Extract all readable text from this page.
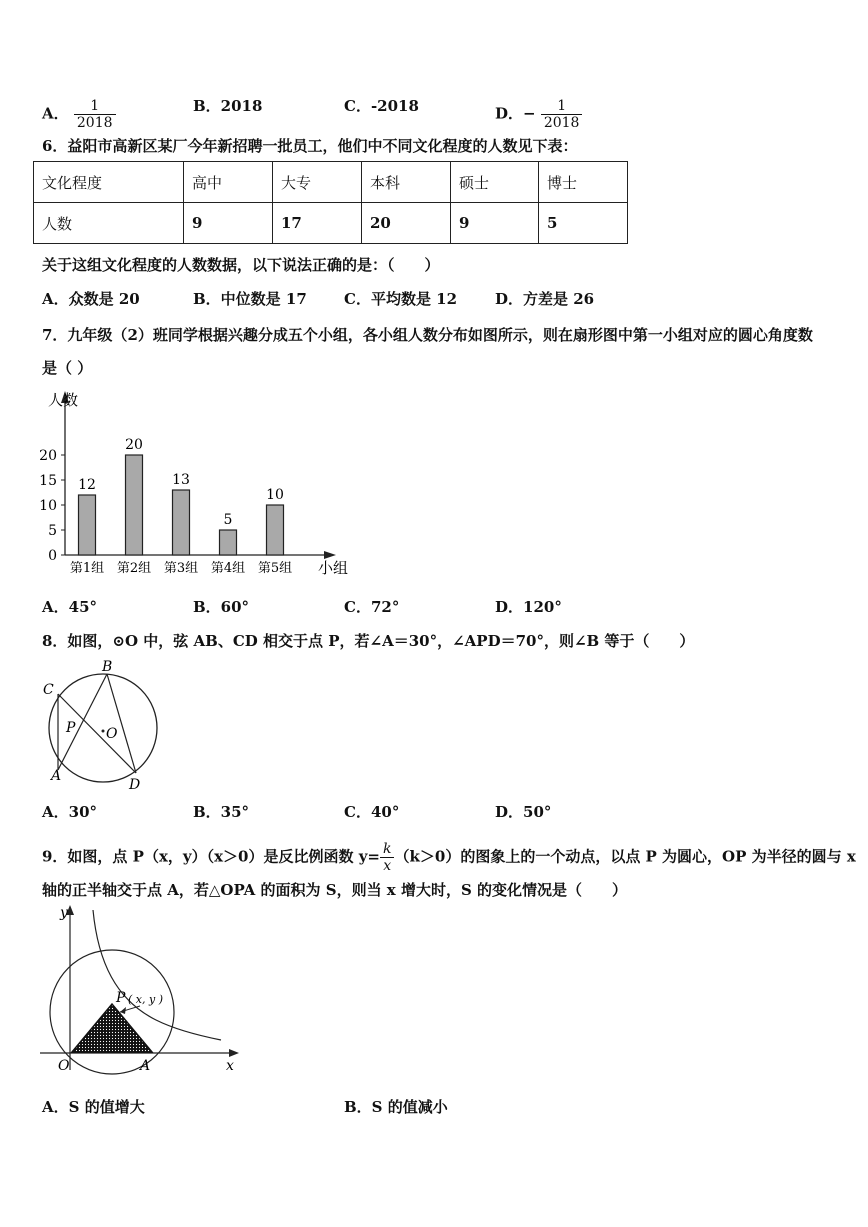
A． $\frac{1}{2018}$	B．2018	C．-2018	D．− $\frac{1}{2018}$
6．益阳市高新区某厂今年新招聘一批员工，他们中不同文化程度的人数见下表：
文化程度	高中	大专	本科	硕士	博士
人数	9	17	20	9	5
关于这组文化程度的人数数据，以下说法正确的是：（　　）
A．众数是 20	B．中位数是 17 C．平均数是 12	D．方差是 26
7．九年级（2）班同学根据兴趣分成五个小组，各小组人数分布如图所示，则在扇形图中第一小组对应的圆心角度数
是（ ）
人数
小组
0
5
10
15
20
12
第1组
20
第2组
13
第3组
5
第4组
10
第5组
A．45°	B．60°	C．72°	D．120°
8．如图，⊙O 中，弦 AB、CD 相交于点 P，若∠A＝30°，∠APD＝70°，则∠B 等于（　　）
B
C
P O
A
D
A．30°	B．35°	C．40°	D．50°
9．如图，点 P（x，y）（x＞0）是反比例函数 $y= \frac{k}{x} (k>0)$的图象上的一个动点，以点 P 为圆心，OP 为半径的圆与 x
轴的正半轴交于点 A，若△OPA 的面积为 S，则当 x 增大时，S 的变化情况是（　　）
y
x
O	A
P ( x, y )
A．S 的值增大	B．S 的值减小
